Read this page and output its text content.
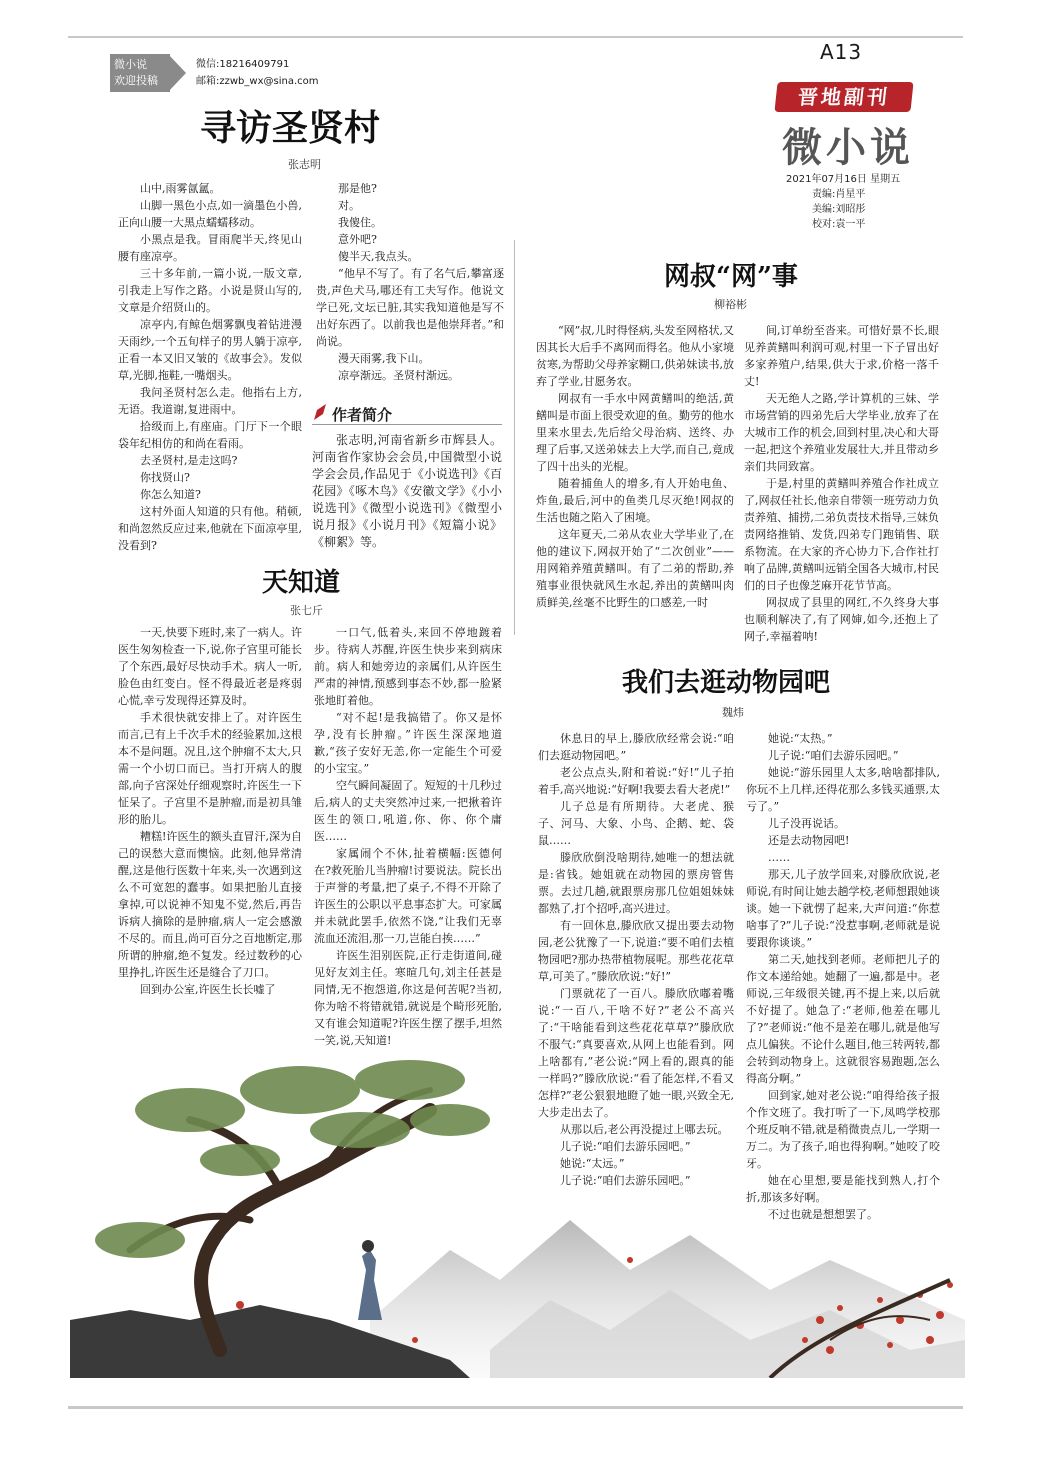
微小说
欢迎投稿
微信:18216409791
邮箱:zzwb_wx@sina.com
A13
晋地副刊
微小说
2021年07月16日 星期五
责编:肖星平
美编:刘昭彤
校对:袁一平
寻访圣贤村
张志明

山中,雨雾氤氲。

山脚一黑色小点,如一滴墨色小兽,正向山腰一大黑点蠕蠕移动。

小黑点是我。冒雨爬半天,终见山腰有座凉亭。

三十多年前,一篇小说,一版文章,引我走上写作之路。小说是贤山写的,文章是介绍贤山的。

凉亭内,有鲸色烟雾飘曳着钻进漫天雨纱,一个五旬样子的男人躺于凉亭,正看一本又旧又皱的《故事会》。发似草,光脚,拖鞋,一嘴烟头。

我问圣贤村怎么走。他指右上方,无语。我道谢,复进雨中。

拾级而上,有座庙。门厅下一个眼袋年纪相仿的和尚在看雨。

去圣贤村,是走这吗?

你找贤山?

你怎么知道?

这村外面人知道的只有他。稍顿,和尚忽然反应过来,他就在下面凉亭里,没看到?

那是他?

对。

我傻住。

意外吧?

傻半天,我点头。

“他早不写了。有了名气后,攀富逐贵,声色犬马,哪还有工夫写作。他说文学已死,文坛已脏,其实我知道他是写不出好东西了。以前我也是他崇拜者。”和尚说。

漫天雨雾,我下山。

凉亭渐远。圣贤村渐远。

作者简介
张志明,河南省新乡市辉县人。河南省作家协会会员,中国微型小说学会会员,作品见于《小说选刊》《百花园》《啄木鸟》《安徽文学》《小小说选刊》《微型小说选刊》《微型小说月报》《小说月刊》《短篇小说》《柳絮》等。
天知道
张七斤

一天,快要下班时,来了一病人。许医生匆匆检查一下,说,你子宫里可能长了个东西,最好尽快动手术。病人一听,脸色由红变白。怪不得最近老是疼弱心慌,幸亏发现得还算及时。

手术很快就安排上了。对许医生而言,已有上千次手术的经验累加,这根本不是问题。况且,这个肿瘤不太大,只需一个小切口而已。当打开病人的腹部,向子宫深处仔细观察时,许医生一下怔呆了。子宫里不是肿瘤,而是初具雏形的胎儿。

糟糕!许医生的额头直冒汗,深为自己的误愁大意而懊恼。此刻,他异常清醒,这是他行医数十年来,头一次遇到这么不可宽恕的蠢事。如果把胎儿直接拿掉,可以说神不知鬼不觉,然后,再告诉病人摘除的是肿瘤,病人一定会感激不尽的。而且,尚可百分之百地断定,那所谓的肿瘤,绝不复发。经过数秒的心里挣扎,许医生还是缝合了刀口。

回到办公室,许医生长长嘘了

一口气,低着头,来回不停地踱着步。待病人苏醒,许医生快步来到病床前。病人和她旁边的亲属们,从许医生严肃的神情,预感到事态不妙,都一脸紧张地盯着他。

“对不起!是我搞错了。你又是怀孕,没有长肿瘤。”许医生深深地道歉,“孩子安好无恙,你一定能生个可爱的小宝宝。”

空气瞬间凝固了。短短的十几秒过后,病人的丈夫突然冲过来,一把揪着许医生的领口,吼道,你、你、你个庸医……

家属闹个不休,扯着横幅:医德何在?救死胎儿当肿瘤!讨要说法。院长出于声誉的考量,把了桌子,不得不开除了许医生的公职以平息事态扩大。可家属并未就此罢手,依然不饶,“让我们无辜流血还流泪,那一刀,岂能白挨……”

许医生泪别医院,正行走街道间,碰见好友刘主任。寒暄几句,刘主任甚是同情,无不抱怨道,你这是何苦呢?当初,你为啥不将错就错,就说是个畸形死胎,又有谁会知道呢?许医生摆了摆手,坦然一笑,说,天知道!

网叔“网”事
柳裕彬

“网”叔,儿时得怪病,头发至网格状,又因其长大后手不离网而得名。他从小家境贫寒,为帮助父母养家糊口,供弟妹读书,放弃了学业,甘愿务农。

网叔有一手水中网黄鳝叫的绝活,黄鳝叫是市面上很受欢迎的鱼。勤劳的他水里来水里去,先后给父母治病、送终、办理了后事,又送弟妹去上大学,而自己,竟成了四十出头的光棍。

随着捕鱼人的增多,有人开始电鱼、炸鱼,最后,河中的鱼类几尽灭绝!网叔的生活也随之陷入了困境。

这年夏天,二弟从农业大学毕业了,在他的建议下,网叔开始了“二次创业”——用网箱养殖黄鳝叫。有了二弟的帮助,养殖事业很快就风生水起,养出的黄鳝叫肉质鲜美,丝毫不比野生的口感差,一时

间,订单纷至沓来。可惜好景不长,眼见养黄鳝叫利润可观,村里一下子冒出好多家养殖户,结果,供大于求,价格一落千丈!

天无绝人之路,学计算机的三妹、学市场营销的四弟先后大学毕业,放弃了在大城市工作的机会,回到村里,决心和大哥一起,把这个养殖业发展壮大,并且带动乡亲们共同致富。

于是,村里的黄鳝叫养殖合作社成立了,网叔任社长,他亲自带领一班劳动力负责养殖、捕捞,二弟负责技术指导,三妹负责网络推销、发货,四弟专门跑销售、联系物流。在大家的齐心协力下,合作社打响了品牌,黄鳝叫远销全国各大城市,村民们的日子也像芝麻开花节节高。

网叔成了县里的网红,不久终身大事也顺利解决了,有了网婶,如今,还抱上了网子,幸福着呐!

我们去逛动物园吧
魏炜

休息日的早上,滕欣欣经常会说:“咱们去逛动物园吧。”

老公点点头,附和着说:“好!”儿子拍着手,高兴地说:“好啊!我要去看大老虎!”

儿子总是有所期待。大老虎、猴子、河马、大象、小鸟、企鹅、蛇、袋鼠……

滕欣欣倒没啥期待,她唯一的想法就是:省钱。她姐就在动物园的票房管售票。去过几趟,就跟票房那几位姐姐妹妹都熟了,打个招呼,高兴进过。

有一回休息,滕欣欣又提出要去动物园,老公犹豫了一下,说道:“要不咱们去植物园吧?那办热带植物展呢。那些花花草草,可美了。”滕欣欣说:“好!”

门票就花了一百八。滕欣欣嘟着嘴说:“一百八,干啥不好?”老公不高兴了:“干啥能看到这些花花草草?”滕欣欣不服气:“真要喜欢,从网上也能看到。网上啥都有,”老公说:“网上看的,跟真的能一样吗?”滕欣欣说:“看了能怎样,不看又怎样?”老公狠狠地瞪了她一眼,兴致全无,大步走出去了。

从那以后,老公再没提过上哪去玩。

儿子说:“咱们去游乐园吧。”

她说:“太远。”

儿子说:“咱们去游乐园吧。”

她说:“太热。”

儿子说:“咱们去游乐园吧。”

她说:“游乐园里人太多,啥啥都排队,你玩不上几样,还得花那么多钱买通票,太亏了。”

儿子没再说话。

还是去动物园吧!

……

那天,儿子放学回来,对滕欣欣说,老师说,有时间让她去趟学校,老师想跟她谈谈。她一下就愣了起来,大声问道:“你惹啥事了?”儿子说:“没惹事啊,老师就是说要跟你谈谈。”

第二天,她找到老师。老师把儿子的作文本递给她。她翻了一遍,都是中。老师说,三年级很关键,再不提上来,以后就不好提了。她急了:“老师,他差在哪儿了?”老师说:“他不是差在哪儿,就是他写点儿偏狭。不论什么题目,他三转两转,都会转到动物身上。这就很容易跑题,怎么得高分啊。”

回到家,她对老公说:“咱得给孩子报个作文班了。我打听了一下,凤鸣学校那个班反响不错,就是稍微贵点儿,一学期一万二。为了孩子,咱也得狗啊。”她咬了咬牙。

她在心里想,要是能找到熟人,打个折,那该多好啊。

不过也就是想想罢了。
